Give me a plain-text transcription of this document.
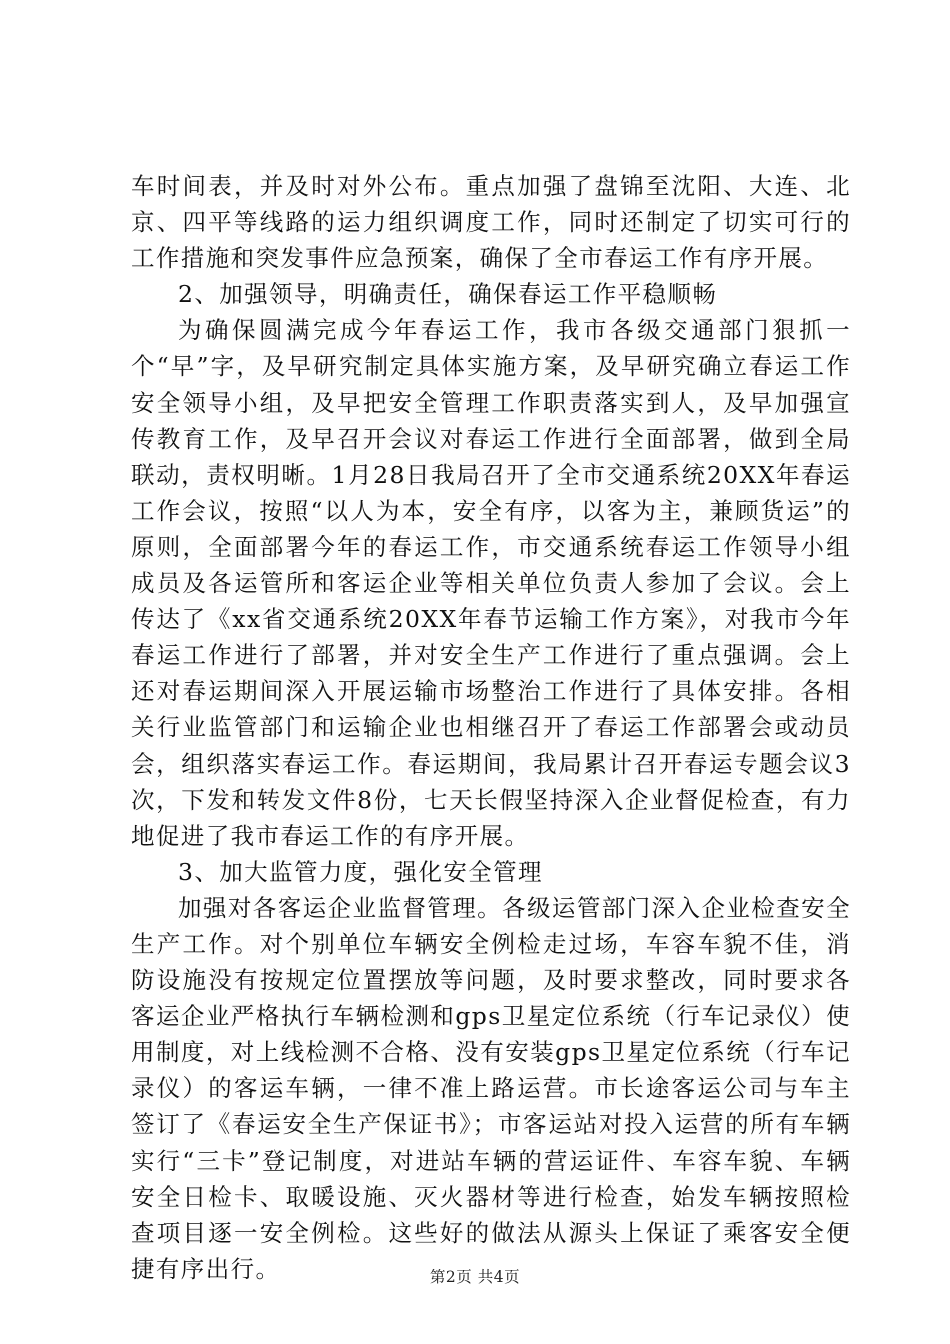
车时间表，并及时对外公布。重点加强了盘锦至沈阳、大连、北京、四平等线路的运力组织调度工作，同时还制定了切实可行的工作措施和突发事件应急预案，确保了全市春运工作有序开展。

2、加强领导，明确责任，确保春运工作平稳顺畅

为确保圆满完成今年春运工作，我市各级交通部门狠抓一个“早”字，及早研究制定具体实施方案，及早研究确立春运工作安全领导小组，及早把安全管理工作职责落实到人，及早加强宣传教育工作，及早召开会议对春运工作进行全面部署，做到全局联动，责权明晰。1月28日我局召开了全市交通系统20XX年春运工作会议，按照“以人为本，安全有序，以客为主，兼顾货运”的原则，全面部署今年的春运工作，市交通系统春运工作领导小组成员及各运管所和客运企业等相关单位负责人参加了会议。会上传达了《xx省交通系统20XX年春节运输工作方案》，对我市今年春运工作进行了部署，并对安全生产工作进行了重点强调。会上还对春运期间深入开展运输市场整治工作进行了具体安排。各相关行业监管部门和运输企业也相继召开了春运工作部署会或动员会，组织落实春运工作。春运期间，我局累计召开春运专题会议3次，下发和转发文件8份，七天长假坚持深入企业督促检查，有力地促进了我市春运工作的有序开展。

3、加大监管力度，强化安全管理

加强对各客运企业监督管理。各级运管部门深入企业检查安全生产工作。对个别单位车辆安全例检走过场，车容车貌不佳，消防设施没有按规定位置摆放等问题，及时要求整改，同时要求各客运企业严格执行车辆检测和gps卫星定位系统（行车记录仪）使用制度，对上线检测不合格、没有安装gps卫星定位系统（行车记录仪）的客运车辆，一律不准上路运营。市长途客运公司与车主签订了《春运安全生产保证书》；市客运站对投入运营的所有车辆实行“三卡”登记制度，对进站车辆的营运证件、车容车貌、车辆安全日检卡、取暖设施、灭火器材等进行检查，始发车辆按照检查项目逐一安全例检。这些好的做法从源头上保证了乘客安全便捷有序出行。	第2页 共4页
